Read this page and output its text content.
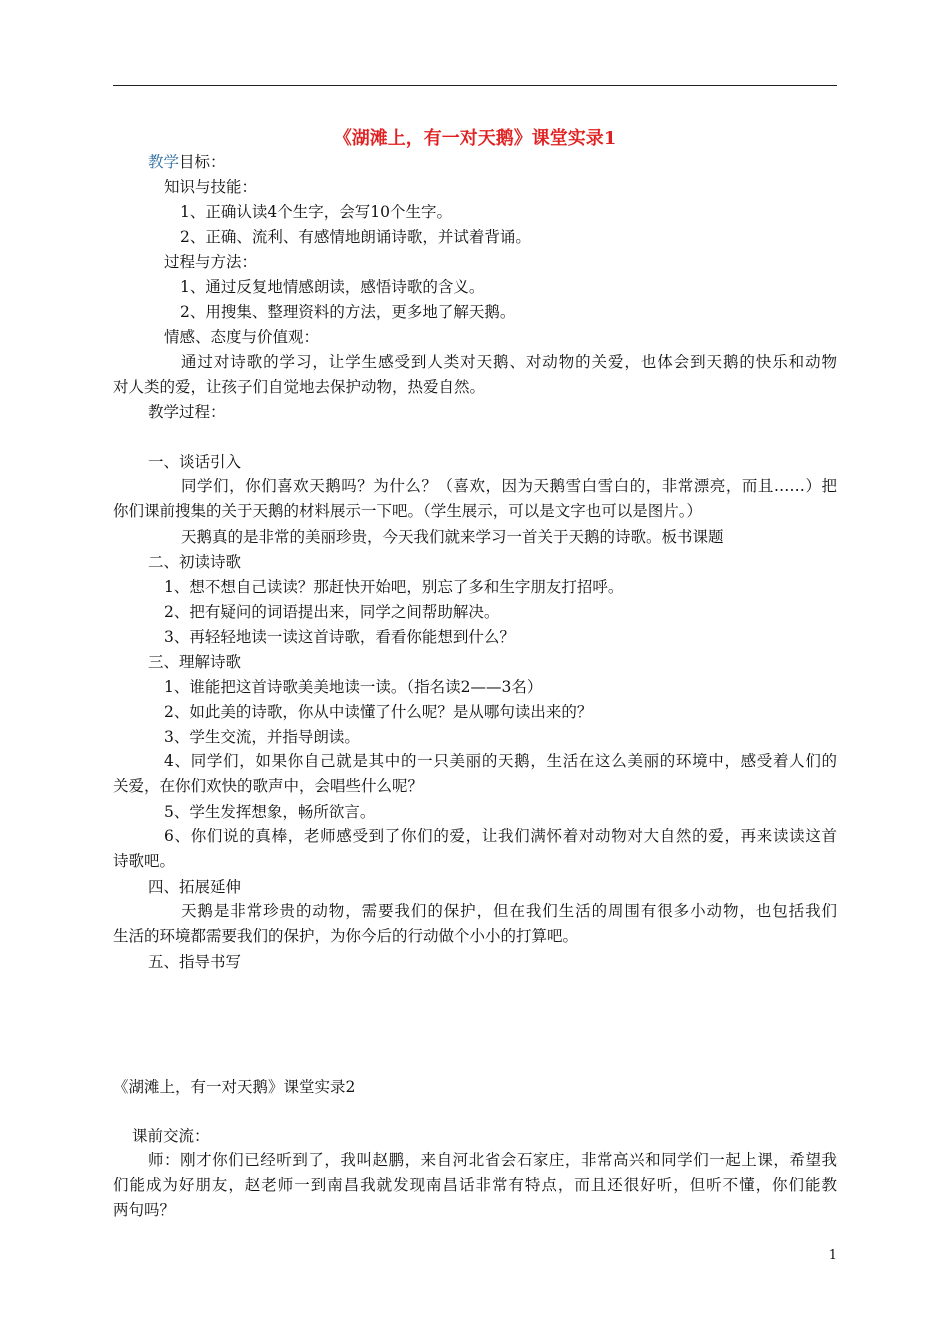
《湖滩上，有一对天鹅》课堂实录1
教学目标：
知识与技能：
1、正确认读4个生字，会写10个生字。
2、正确、流利、有感情地朗诵诗歌，并试着背诵。
过程与方法：
1、通过反复地情感朗读，感悟诗歌的含义。
2、用搜集、整理资料的方法，更多地了解天鹅。
情感、态度与价值观：
通过对诗歌的学习，让学生感受到人类对天鹅、对动物的关爱，也体会到天鹅的快乐和动物
对人类的爱，让孩子们自觉地去保护动物，热爱自然。
教学过程：
一、谈话引入
同学们，你们喜欢天鹅吗？为什么？（喜欢，因为天鹅雪白雪白的，非常漂亮，而且……）把
你们课前搜集的关于天鹅的材料展示一下吧。（学生展示，可以是文字也可以是图片。）
天鹅真的是非常的美丽珍贵，今天我们就来学习一首关于天鹅的诗歌。板书课题
二、初读诗歌
1、想不想自己读读？那赶快开始吧，别忘了多和生字朋友打招呼。
2、把有疑问的词语提出来，同学之间帮助解决。
3、再轻轻地读一读这首诗歌，看看你能想到什么？
三、理解诗歌
1、谁能把这首诗歌美美地读一读。（指名读2——3名）
2、如此美的诗歌，你从中读懂了什么呢？是从哪句读出来的？
3、学生交流，并指导朗读。
4、同学们，如果你自己就是其中的一只美丽的天鹅，生活在这么美丽的环境中，感受着人们的
关爱，在你们欢快的歌声中，会唱些什么呢？
5、学生发挥想象，畅所欲言。
6、你们说的真棒，老师感受到了你们的爱，让我们满怀着对动物对大自然的爱，再来读读这首
诗歌吧。
四、拓展延伸
天鹅是非常珍贵的动物，需要我们的保护，但在我们生活的周围有很多小动物，也包括我们
生活的环境都需要我们的保护，为你今后的行动做个小小的打算吧。
五、指导书写
《湖滩上，有一对天鹅》课堂实录2
课前交流：
师：刚才你们已经听到了，我叫赵鹏，来自河北省会石家庄，非常高兴和同学们一起上课，希望我
们能成为好朋友，赵老师一到南昌我就发现南昌话非常有特点，而且还很好听，但听不懂，你们能教
两句吗？
1
